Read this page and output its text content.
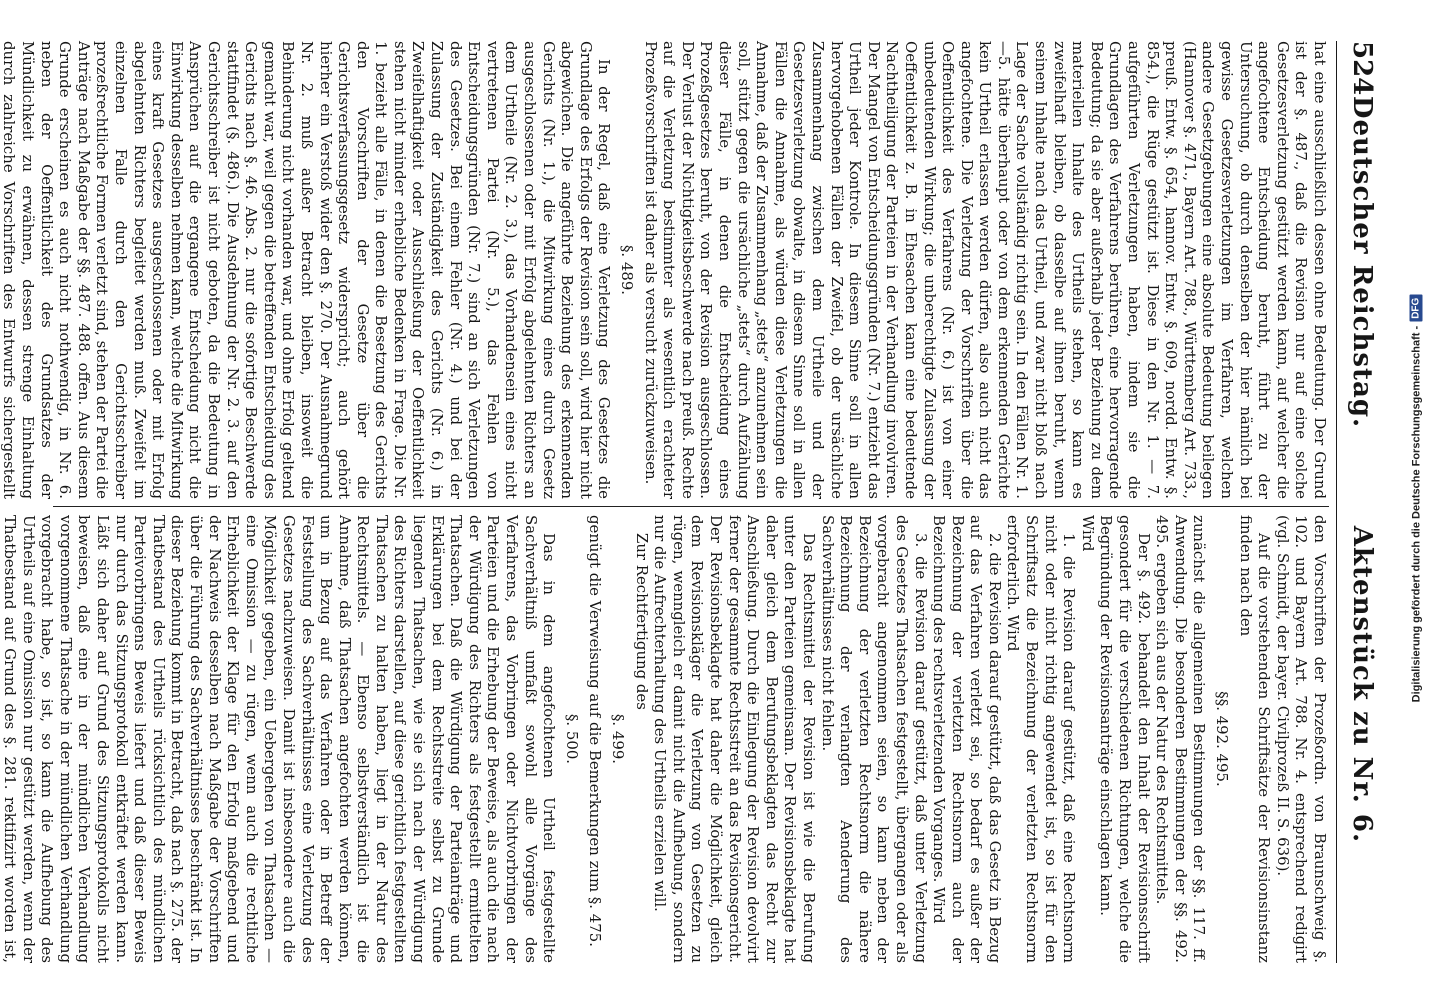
524
Deutscher Reichstag.
Aktenstück zu Nr. 6.

hat eine ausschließlich dessen ohne Bedeutung. Der Grund ist der §. 487., daß die Revision nur auf eine solche Gesetzesverletzung gestützt werden kann, auf welcher die angefochtene Entscheidung beruht, führt zu der Untersuchung, ob durch denselben der hier nämlich bei gewisse Gesetzesverletzungen im Verfahren, welchen andere Gesetzgebungen eine absolute Bedeutung beilegen (Hannover §. 471., Bayern Art. 788., Württemberg Art. 733., preuß. Entw. §. 654, hannov. Entw. §. 609, nordd. Entw. §. 854.), die Rüge gestützt ist. Diese in den Nr. 1. — 7. aufgeführten Verletzungen haben, indem sie die Grundlagen des Verfahrens berühren, eine hervorragende Bedeutung; da sie aber außerhalb jeder Beziehung zu dem materiellen Inhalte des Urtheils stehen, so kann es zweifelhaft bleiben, ob dasselbe auf ihnen beruht, wenn seinem Inhalte nach das Urtheil, und zwar nicht bloß nach Lage der Sache vollständig richtig sein. In den Fällen Nr. 1.—5. hätte überhaupt oder von dem erkennenden Gerichte kein Urtheil erlassen werden dürfen, also auch nicht das angefochtene. Die Verletzung der Vorschriften über die Oeffentlichkeit des Verfahrens (Nr. 6.) ist von einer unbedeutenden Wirkung; die unberechtigte Zulassung der Oeffentlichkeit z. B. in Ehesachen kann eine bedeutende Nachtheiligung der Parteien in der Verhandlung involviren. Der Mangel von Entscheidungsgründen (Nr. 7.) entzieht das Urtheil jeder Kontrole. In diesem Sinne soll in allen hervorgehobenen Fällen der Zweifel, ob der ursächliche Zusammenhang zwischen dem Urtheile und der Gesetzesverletzung obwalte, in diesem Sinne soll in allen Fällen die Annahme, als würden diese Verletzungen die Annahme, daß der Zusammenhang „stets“ anzunehmen sein soll, stützt gegen die ursächliche „stets“ durch Aufzählung dieser Fälle, in denen die Entscheidung eines Prozeßgesetzes beruht, von der Revision ausgeschlossen. Der Verlust der Nichtigkeitsbeschwerde nach preuß. Rechte auf die Verletzung bestimmter als wesentlich erachteter Prozeßvorschriften ist daher als versucht zurückzuweisen.

§. 489.

In der Regel, daß eine Verletzung des Gesetzes die Grundlage des Erfolgs der Revision sein soll, wird hier nicht abgewichen. Die angeführte Beziehung des erkennenden Gerichts (Nr. 1.), die Mitwirkung eines durch Gesetz ausgeschlossenen oder mit Erfolg abgelehnten Richters an dem Urtheile (Nr. 2. 3.), das Vorhandensein eines nicht vertretenen Partei (Nr. 5.), das Fehlen von Entscheidungsgründen (Nr. 7.) sind an sich Verletzungen des Gesetzes. Bei einem Fehler (Nr. 4.) und bei der Zulassung der Zuständigkeit des Gerichts (Nr. 6.) in Zweifelhaftigkeit oder Ausschließung der Oeffentlichkeit stehen nicht minder erhebliche Bedenken in Frage. Die Nr. 1. bezieht alle Fälle, in denen die Besetzung des Gerichts den Vorschriften der Gesetze über die Gerichtsverfassungsgesetz widerspricht; auch gehört hierher ein Verstoß wider den §. 270. Der Ausnahmegrund Nr. 2. muß außer Betracht bleiben, insoweit die Behinderung nicht vorhanden war, und ohne Erfolg geltend gemacht war, weil gegen die betreffenden Entscheidung des Gerichts nach §. 46. Abs. 2. nur die sofortige Beschwerde stattfindet (§. 486.). Die Ausdehnung der Nr. 2. 3. auf den Gerichtsschreiber ist nicht geboten, da die Bedeutung in Ansprüchen auf die ergangene Entscheidung nicht die Einwirkung desselben nehmen kann, welche die Mitwirkung eines kraft Gesetzes ausgeschlossenen oder mit Erfolg abgelehnten Richters begleitet werden muß. Zweifelt im einzelnen Falle durch den Gerichtsschreiber prozeßrechtliche Formen verletzt sind, stehen der Partei die Anträge nach Maßgabe der §§. 487. 488. offen. Aus diesem Grunde erscheinen es auch nicht nothwendig, in Nr. 6. neben der Oeffentlichkeit des Grundsatzes der Mündlichkeit zu erwähnen, dessen strenge Einhaltung durch zahlreiche Vorschriften des Entwurfs sichergestellt

den Vorschriften der Prozeßordn. von Braunschweig §. 102. und Bayern Art. 788. Nr. 4. entsprechend redigirt (vgl. Schmidt, der bayer. Civilprozeß II. S. 636).

Auf die vorstehenden Schriftsätze der Revisionsinstanz finden nach den

§§. 492. 495.

zunächst die allgemeinen Bestimmungen der §§. 117. ff. Anwendung. Die besonderen Bestimmungen der §§. 492. 495. ergeben sich aus der Natur des Rechtsmittels.

Der §. 492. behandelt den Inhalt der Revisionsschrift gesondert für die verschiedenen Richtungen, welche die Begründung der Revisionsanträge einschlagen kann.

Wird

1. die Revision darauf gestützt, daß eine Rechtsnorm nicht oder nicht richtig angewendet ist, so ist für den Schriftsatz die Bezeichnung der verletzten Rechtsnorm erforderlich. Wird

2. die Revision darauf gestützt, daß das Gesetz in Bezug auf das Verfahren verletzt sei, so bedarf es außer der Bezeichnung der verletzten Rechtsnorm auch der Bezeichnung des rechtsverletzenden Vorganges. Wird

3. die Revision darauf gestützt, daß unter Verletzung des Gesetzes Thatsachen festgestellt, übergangen oder als vorgebracht angenommen seien, so kann neben der Bezeichnung der verletzten Rechtsnorm die nähere Bezeichnung der verlangten Aenderung des Sachverhältnisses nicht fehlen.

Das Rechtsmittel der Revision ist wie die Berufung unter den Parteien gemeinsam. Der Revisionsbeklagte hat daher gleich dem Berufungsbeklagten das Recht zur Anschließung. Durch die Einlegung der Revision devolvirt ferner der gesammte Rechtsstreit an das Revisionsgericht. Der Revisionsbeklagte hat daher die Möglichkeit, gleich dem Revisionskläger die Verletzung von Gesetzen zu rügen, wenngleich er damit nicht die Aufhebung, sondern nur die Aufrechterhaltung des Urtheils erzielen will.

Zur Rechtfertigung des

§. 499.

genügt die Verweisung auf die Bemerkungen zum §. 475.

§. 500.

Das in dem angefochtenen Urtheil festgestellte Sachverhältniß umfaßt sowohl alle Vorgänge des Verfahrens, das Vorbringen oder Nichtvorbringen der Parteien und die Erhebung der Beweise, als auch die nach der Würdigung des Richters als festgestellt ermittelten Thatsachen. Daß die Würdigung der Parteianträge und Erklärungen bei dem Rechtsstreite selbst zu Grunde liegenden Thatsachen, wie sie sich nach der Würdigung des Richters darstellen, auf diese gerichtlich festgestellten Thatsachen zu halten haben, liegt in der Natur des Rechtsmittels. — Ebenso selbstverständlich ist die Annahme, daß Thatsachen angefochten werden können, um in Bezug auf das Verfahren oder in Betreff der Feststellung des Sachverhältnisses eine Verletzung des Gesetzes nachzuweisen. Damit ist insbesondere auch die Möglichkeit gegeben, ein Uebergehen von Thatsachen — eine Omission — zu rügen, wenn auch die rechtliche Erheblichkeit der Klage für den Erfolg maßgebend und der Nachweis desselben nach Maßgabe der Vorschriften über die Führung des Sachverhältnisses beschränkt ist. In dieser Beziehung kommt in Betracht, daß nach §. 275. der Thatbestand des Urtheils rücksichtlich des mündlichen Parteivorbringens Beweis liefert und daß dieser Beweis nur durch das Sitzungsprotokoll entkräftet werden kann. Läßt sich daher auf Grund des Sitzungsprotokolls nicht beweisen, daß eine in der mündlichen Verhandlung vorgenommene Thatsache in der mündlichen Verhandlung vorgebracht habe, so ist, so kann die Aufhebung des Urtheils auf eine Omission nur gestützt werden, wenn der Thatbestand auf Grund des §. 281. rektifizirt worden ist,

Digitalisierung gefördert durch die Deutsche Forschungsgemeinschaft -DFG
